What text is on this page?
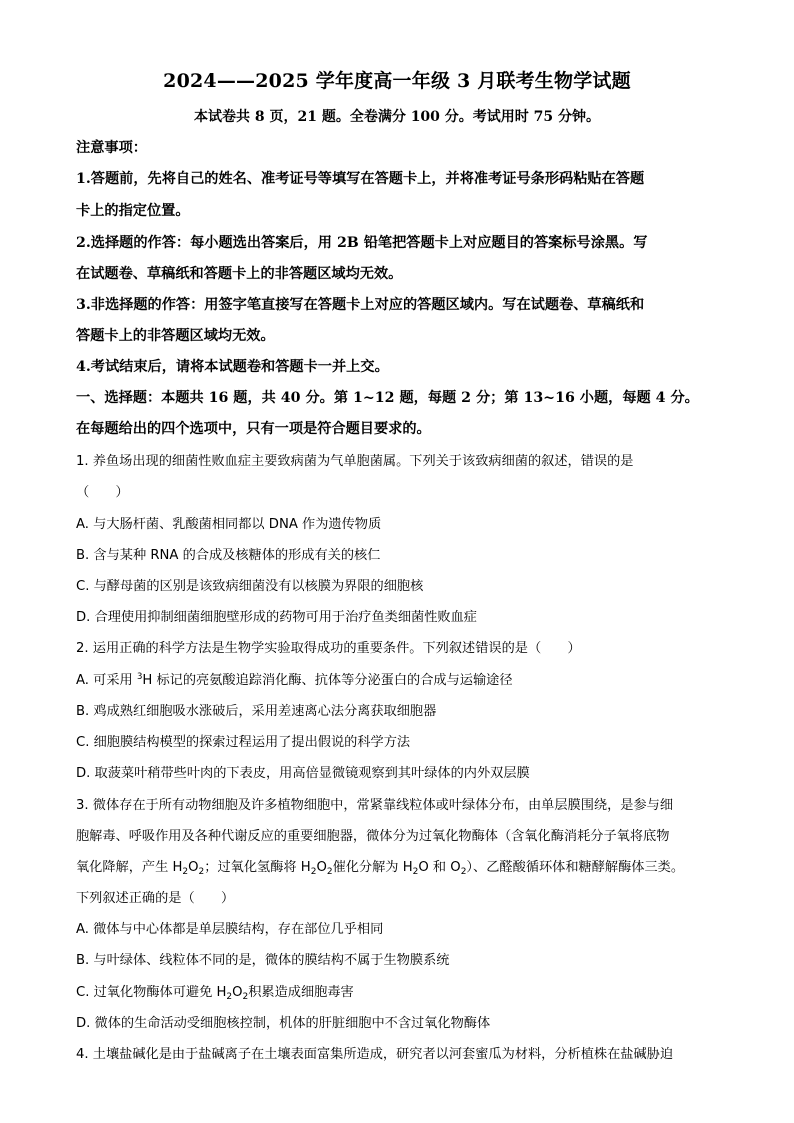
2024——2025 学年度高一年级 3 月联考生物学试题
本试卷共 8 页，21 题。全卷满分 100 分。考试用时 75 分钟。
注意事项：
1.答题前，先将自己的姓名、准考证号等填写在答题卡上，并将准考证号条形码粘贴在答题
卡上的指定位置。
2.选择题的作答：每小题选出答案后，用 2B 铅笔把答题卡上对应题目的答案标号涂黑。写
在试题卷、草稿纸和答题卡上的非答题区域均无效。
3.非选择题的作答：用签字笔直接写在答题卡上对应的答题区域内。写在试题卷、草稿纸和
答题卡上的非答题区域均无效。
4.考试结束后，请将本试题卷和答题卡一并上交。
一、选择题：本题共 16 题，共 40 分。第 1~12 题，每题 2 分；第 13~16 小题，每题 4 分。
在每题给出的四个选项中，只有一项是符合题目要求的。
1. 养鱼场出现的细菌性败血症主要致病菌为气单胞菌属。下列关于该致病细菌的叙述，错误的是
（　　）
A. 与大肠杆菌、乳酸菌相同都以 DNA 作为遗传物质
B. 含与某种 RNA 的合成及核糖体的形成有关的核仁
C. 与酵母菌的区别是该致病细菌没有以核膜为界限的细胞核
D. 合理使用抑制细菌细胞壁形成的药物可用于治疗鱼类细菌性败血症
2. 运用正确的科学方法是生物学实验取得成功的重要条件。下列叙述错误的是（　　）
A. 可采用 $^3$H 标记的亮氨酸追踪消化酶、抗体等分泌蛋白的合成与运输途径
B. 鸡成熟红细胞吸水涨破后，采用差速离心法分离获取细胞器
C. 细胞膜结构模型的探索过程运用了提出假说的科学方法
D. 取菠菜叶稍带些叶肉的下表皮，用高倍显微镜观察到其叶绿体的内外双层膜
3. 微体存在于所有动物细胞及许多植物细胞中，常紧靠线粒体或叶绿体分布，由单层膜围绕，是参与细
胞解毒、呼吸作用及各种代谢反应的重要细胞器，微体分为过氧化物酶体（含氧化酶消耗分子氧将底物
氧化降解，产生 $H_2O_2$；过氧化氢酶将 $H_2O_2$催化分解为 $H_2O$ 和 $O_2$）、乙醛酸循环体和糖酵解酶体三类。
下列叙述正确的是（　　）
A. 微体与中心体都是单层膜结构，存在部位几乎相同
B. 与叶绿体、线粒体不同的是，微体的膜结构不属于生物膜系统
C. 过氧化物酶体可避免 $H_2O_2$积累造成细胞毒害
D. 微体的生命活动受细胞核控制，机体的肝脏细胞中不含过氧化物酶体
4. 土壤盐碱化是由于盐碱离子在土壤表面富集所造成，研究者以河套蜜瓜为材料，分析植株在盐碱胁迫
